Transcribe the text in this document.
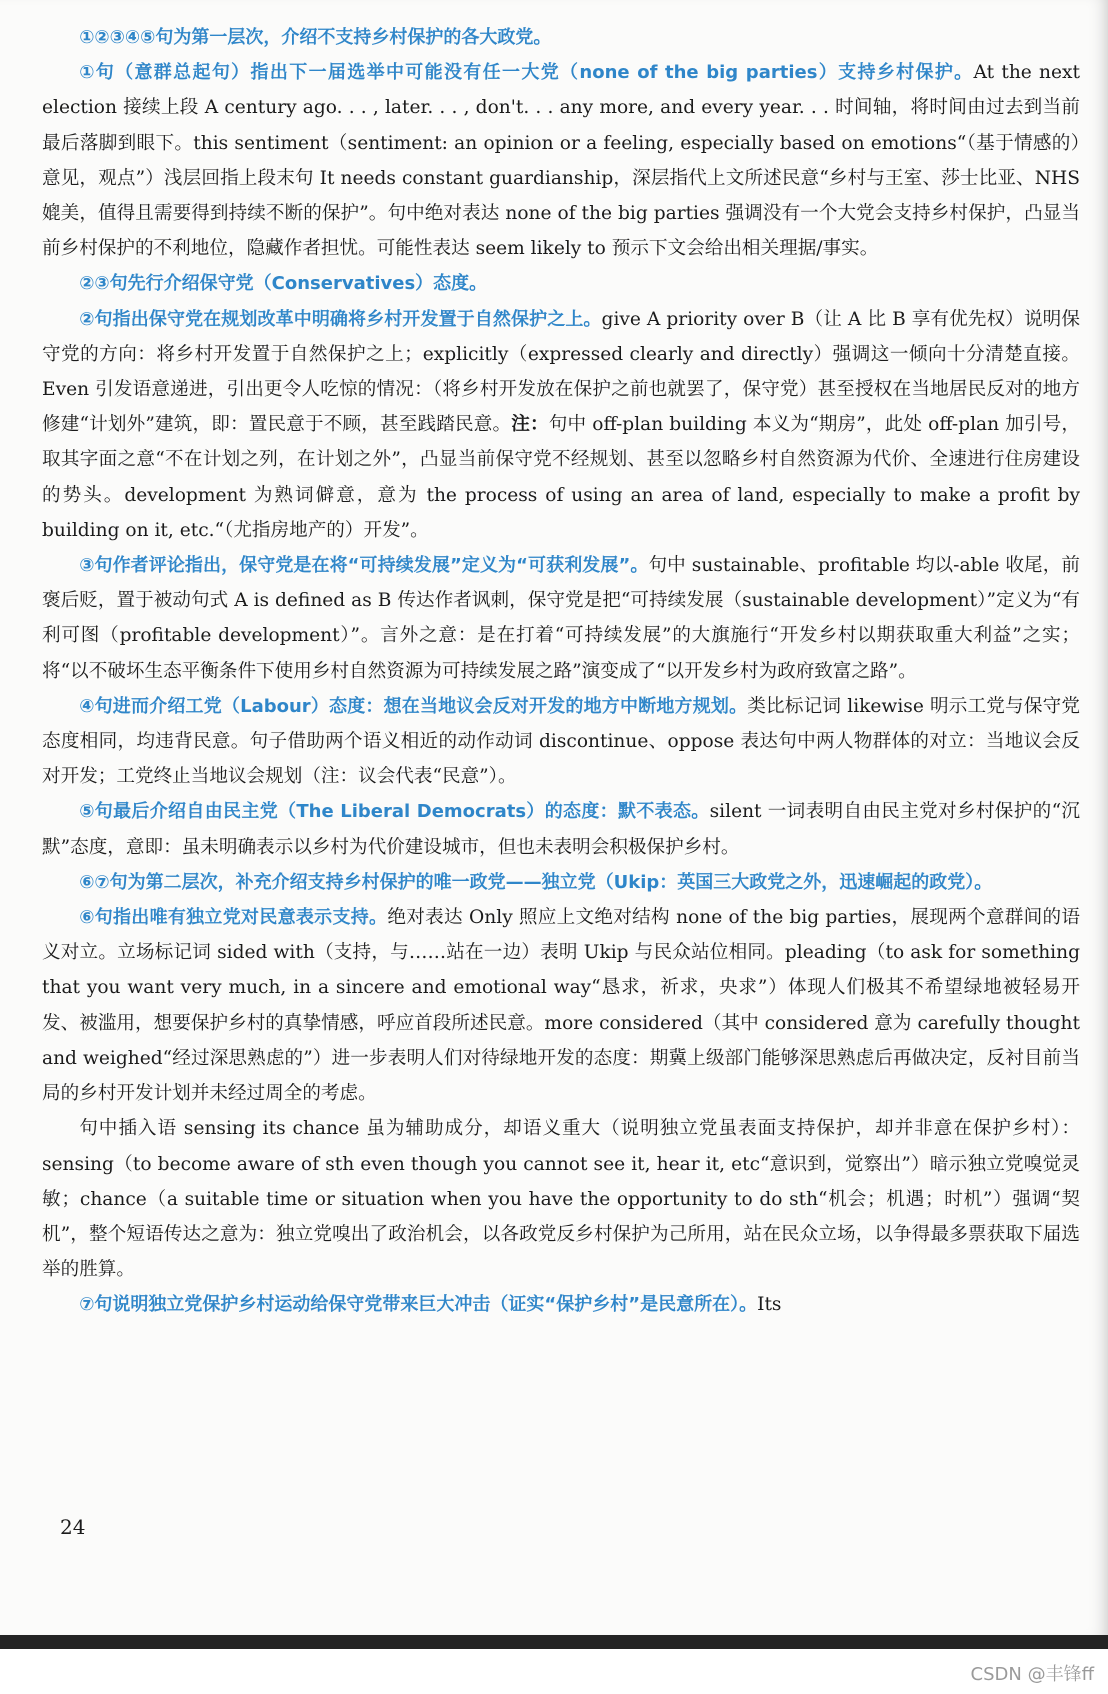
①②③④⑤句为第一层次，介绍不支持乡村保护的各大政党。

①句（意群总起句）指出下一届选举中可能没有任一大党（none of the big parties）支持乡村保护。At the next election 接续上段 A century ago. . . , later. . . , don't. . . any more, and every year. . . 时间轴，将时间由过去到当前最后落脚到眼下。this sentiment（sentiment: an opinion or a feeling, especially based on emotions“（基于情感的）意见，观点”）浅层回指上段末句 It needs constant guardianship，深层指代上文所述民意“乡村与王室、莎士比亚、NHS 媲美，值得且需要得到持续不断的保护”。句中绝对表达 none of the big parties 强调没有一个大党会支持乡村保护，凸显当前乡村保护的不利地位，隐藏作者担忧。可能性表达 seem likely to 预示下文会给出相关理据/事实。

②③句先行介绍保守党（Conservatives）态度。

②句指出保守党在规划改革中明确将乡村开发置于自然保护之上。give A priority over B（让 A 比 B 享有优先权）说明保守党的方向：将乡村开发置于自然保护之上；explicitly（expressed clearly and directly）强调这一倾向十分清楚直接。Even 引发语意递进，引出更令人吃惊的情况：（将乡村开发放在保护之前也就罢了，保守党）甚至授权在当地居民反对的地方修建“计划外”建筑，即：置民意于不顾，甚至践踏民意。注：句中 off-plan building 本义为“期房”，此处 off-plan 加引号，取其字面之意“不在计划之列，在计划之外”，凸显当前保守党不经规划、甚至以忽略乡村自然资源为代价、全速进行住房建设的势头。development 为熟词僻意，意为 the process of using an area of land, especially to make a profit by building on it, etc.“（尤指房地产的）开发”。

③句作者评论指出，保守党是在将“可持续发展”定义为“可获利发展”。句中 sustainable、profitable 均以-able 收尾，前褒后贬，置于被动句式 A is defined as B 传达作者讽刺，保守党是把“可持续发展（sustainable development）”定义为“有利可图（profitable development）”。言外之意：是在打着“可持续发展”的大旗施行“开发乡村以期获取重大利益”之实；将“以不破坏生态平衡条件下使用乡村自然资源为可持续发展之路”演变成了“以开发乡村为政府致富之路”。

④句进而介绍工党（Labour）态度：想在当地议会反对开发的地方中断地方规划。类比标记词 likewise 明示工党与保守党态度相同，均违背民意。句子借助两个语义相近的动作动词 discontinue、oppose 表达句中两人物群体的对立：当地议会反对开发；工党终止当地议会规划（注：议会代表“民意”）。

⑤句最后介绍自由民主党（The Liberal Democrats）的态度：默不表态。silent 一词表明自由民主党对乡村保护的“沉默”态度，意即：虽未明确表示以乡村为代价建设城市，但也未表明会积极保护乡村。

⑥⑦句为第二层次，补充介绍支持乡村保护的唯一政党——独立党（Ukip：英国三大政党之外，迅速崛起的政党）。

⑥句指出唯有独立党对民意表示支持。绝对表达 Only 照应上文绝对结构 none of the big parties，展现两个意群间的语义对立。立场标记词 sided with（支持，与……站在一边）表明 Ukip 与民众站位相同。pleading（to ask for something that you want very much, in a sincere and emotional way“恳求，祈求，央求”）体现人们极其不希望绿地被轻易开发、被滥用，想要保护乡村的真挚情感，呼应首段所述民意。more considered（其中 considered 意为 carefully thought and weighed“经过深思熟虑的”）进一步表明人们对待绿地开发的态度：期冀上级部门能够深思熟虑后再做决定，反衬目前当局的乡村开发计划并未经过周全的考虑。

句中插入语 sensing its chance 虽为辅助成分，却语义重大（说明独立党虽表面支持保护，却并非意在保护乡村）：sensing（to become aware of sth even though you cannot see it, hear it, etc“意识到，觉察出”）暗示独立党嗅觉灵敏；chance（a suitable time or situation when you have the opportunity to do sth“机会；机遇；时机”）强调“契机”，整个短语传达之意为：独立党嗅出了政治机会，以各政党反乡村保护为己所用，站在民众立场，以争得最多票获取下届选举的胜算。

⑦句说明独立党保护乡村运动给保守党带来巨大冲击（证实“保护乡村”是民意所在）。Its

24
CSDN @丰锋ff
